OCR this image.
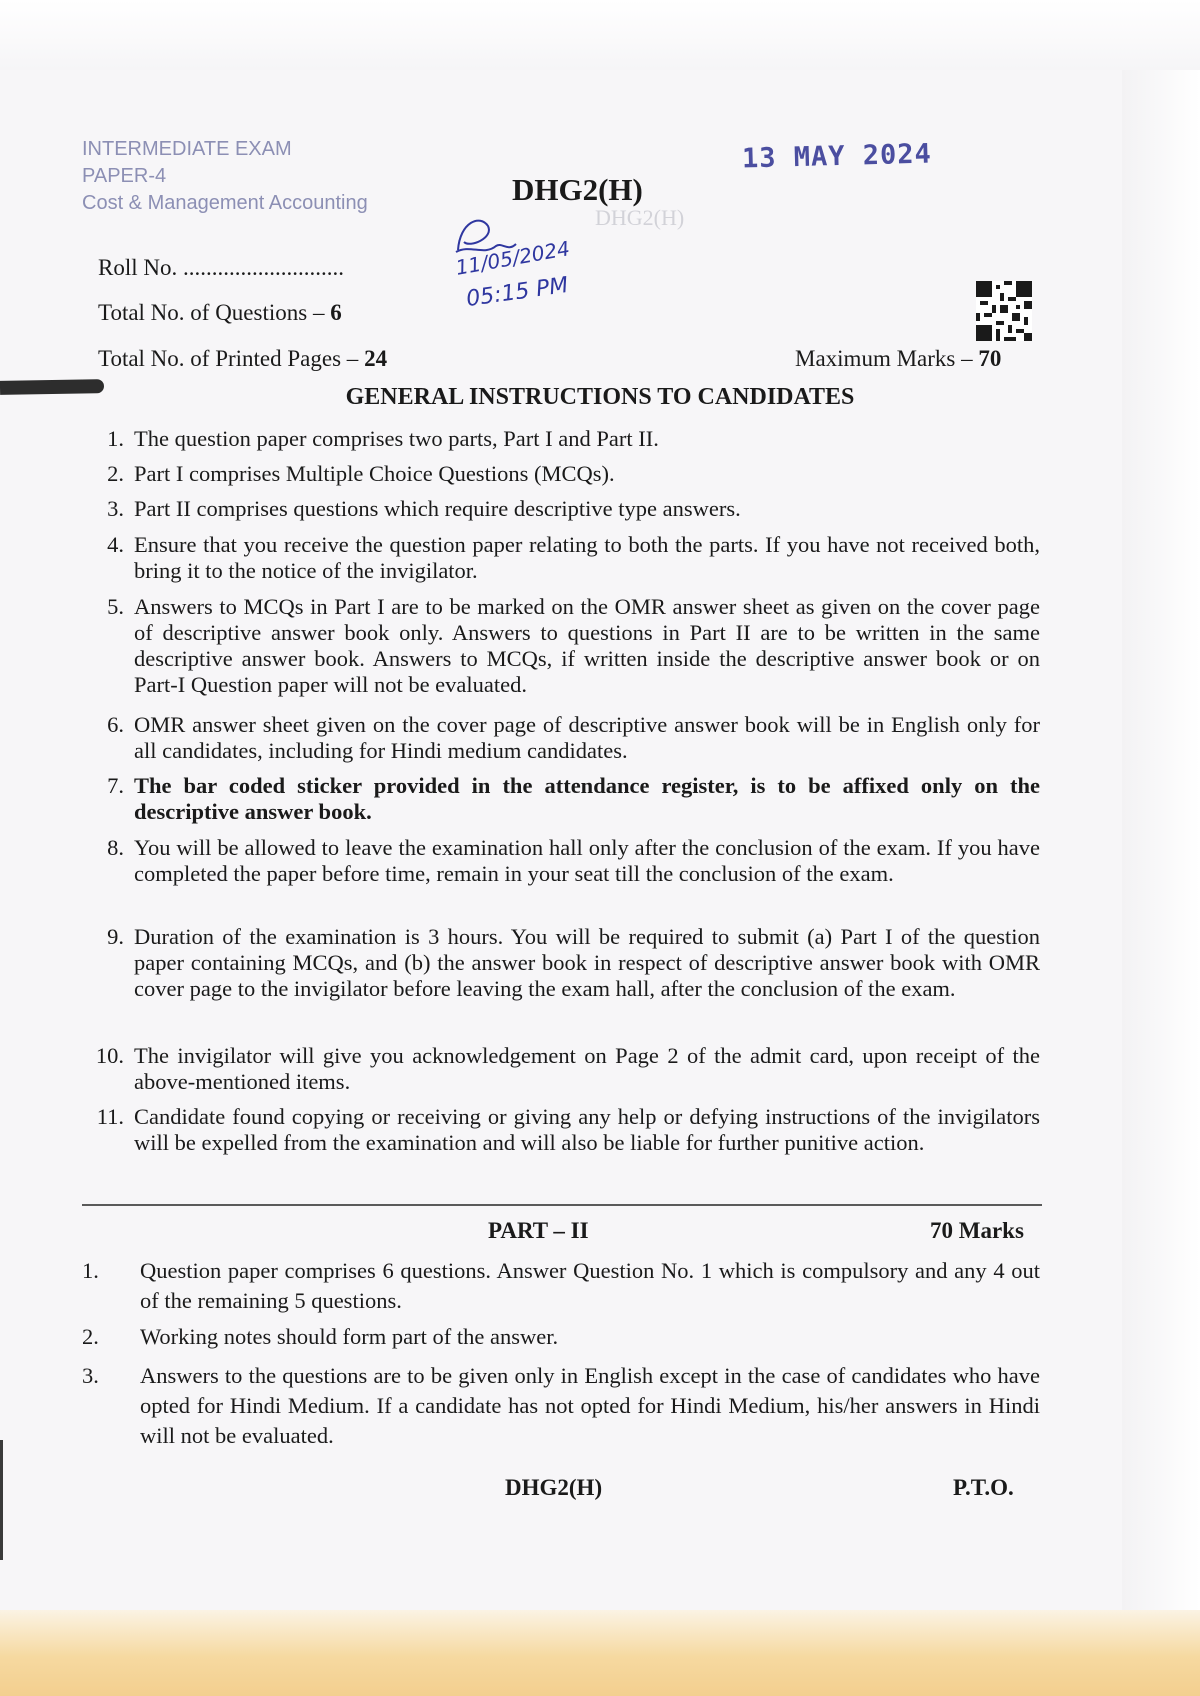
INTERMEDIATE EXAM
PAPER-4
Cost & Management Accounting
13 MAY 2024
DHG2(H)
DHG2(H)
Roll No. ............................	11/05/2024
05:15 PM
Total No. of Questions – 6
Total No. of Printed Pages – 24	Maximum Marks – 70
GENERAL INSTRUCTIONS TO CANDIDATES
1. The question paper comprises two parts, Part I and Part II.
2. Part I comprises Multiple Choice Questions (MCQs).
3. Part II comprises questions which require descriptive type answers.
4. Ensure that you receive the question paper relating to both the parts. If you have not received both, bring it to the notice of the invigilator.
5. Answers to MCQs in Part I are to be marked on the OMR answer sheet as given on the cover page of descriptive answer book only. Answers to questions in Part II are to be written in the same descriptive answer book. Answers to MCQs, if written inside the descriptive answer book or on Part-I Question paper will not be evaluated.
6. OMR answer sheet given on the cover page of descriptive answer book will be in English only for all candidates, including for Hindi medium candidates.
7. The bar coded sticker provided in the attendance register, is to be affixed only on the descriptive answer book.
8. You will be allowed to leave the examination hall only after the conclusion of the exam. If you have completed the paper before time, remain in your seat till the conclusion of the exam.
9. Duration of the examination is 3 hours. You will be required to submit (a) Part I of the question paper containing MCQs, and (b) the answer book in respect of descriptive answer book with OMR cover page to the invigilator before leaving the exam hall, after the conclusion of the exam.
10. The invigilator will give you acknowledgement on Page 2 of the admit card, upon receipt of the above-mentioned items.
11. Candidate found copying or receiving or giving any help or defying instructions of the invigilators will be expelled from the examination and will also be liable for further punitive action.
PART – II	70 Marks
1.	Question paper comprises 6 questions. Answer Question No. 1 which is compulsory and any 4 out of the remaining 5 questions.
2.	Working notes should form part of the answer.
3.	Answers to the questions are to be given only in English except in the case of candidates who have opted for Hindi Medium. If a candidate has not opted for Hindi Medium, his/her answers in Hindi will not be evaluated.
DHG2(H)	P.T.O.
